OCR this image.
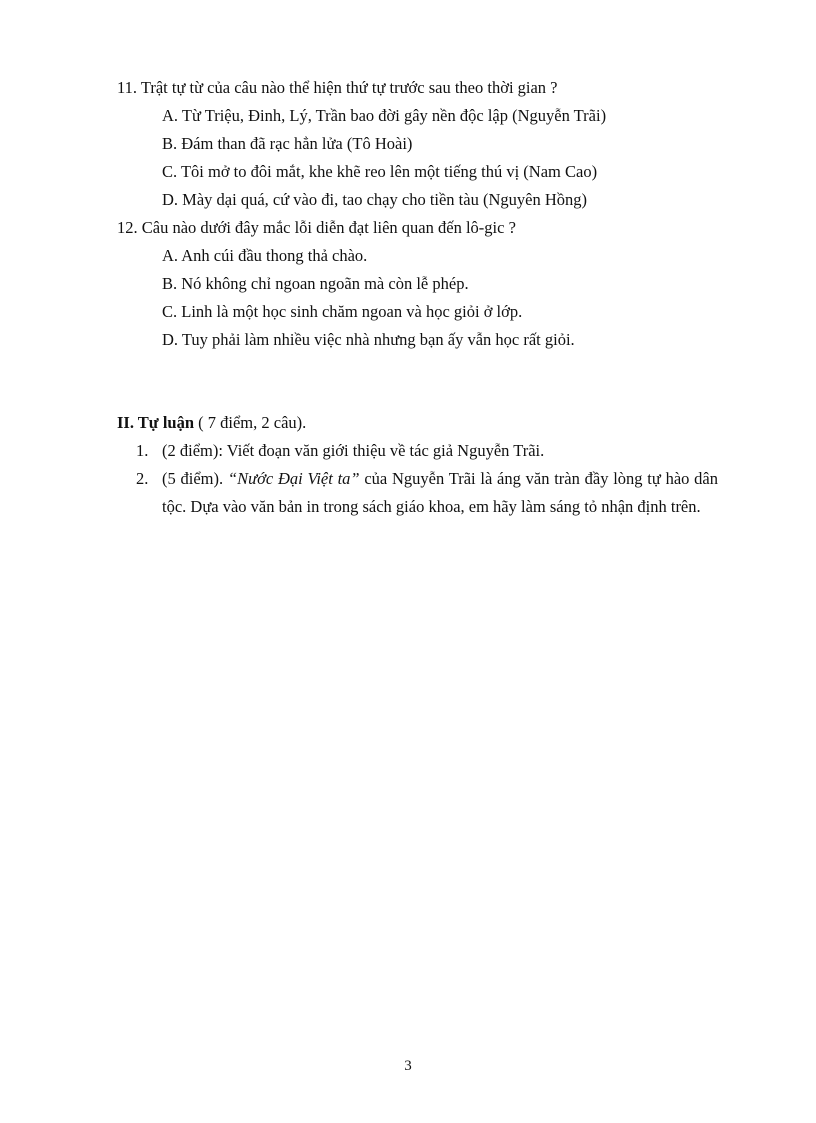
11. Trật tự từ của câu nào thể hiện thứ tự trước sau theo thời gian ?
A. Từ Triệu, Đinh, Lý, Trần bao đời gây nền độc lập (Nguyễn Trãi)
B. Đám than đã rạc hẳn lửa (Tô Hoài)
C. Tôi mở to đôi mắt, khe khẽ reo lên một tiếng thú vị (Nam Cao)
D. Mày dại quá, cứ vào đi, tao chạy cho tiền tàu (Nguyên Hồng)
12. Câu nào dưới đây mắc lỗi diễn đạt liên quan đến lô-gic ?
A. Anh cúi đầu thong thả chào.
B. Nó không chỉ ngoan ngoãn mà còn lễ phép.
C. Linh là một học sinh chăm ngoan và học giỏi ở lớp.
D. Tuy phải làm nhiều việc nhà nhưng bạn ấy vẫn học rất giỏi.
II. Tự luận ( 7 điểm, 2 câu).
1. (2 điểm): Viết đoạn văn giới thiệu về tác giả Nguyễn Trãi.
2. (5 điểm). “Nước Đại Việt ta” của Nguyễn Trãi là áng văn tràn đầy lòng tự hào dân tộc. Dựa vào văn bản in trong sách giáo khoa, em hãy làm sáng tỏ nhận định trên.
3
